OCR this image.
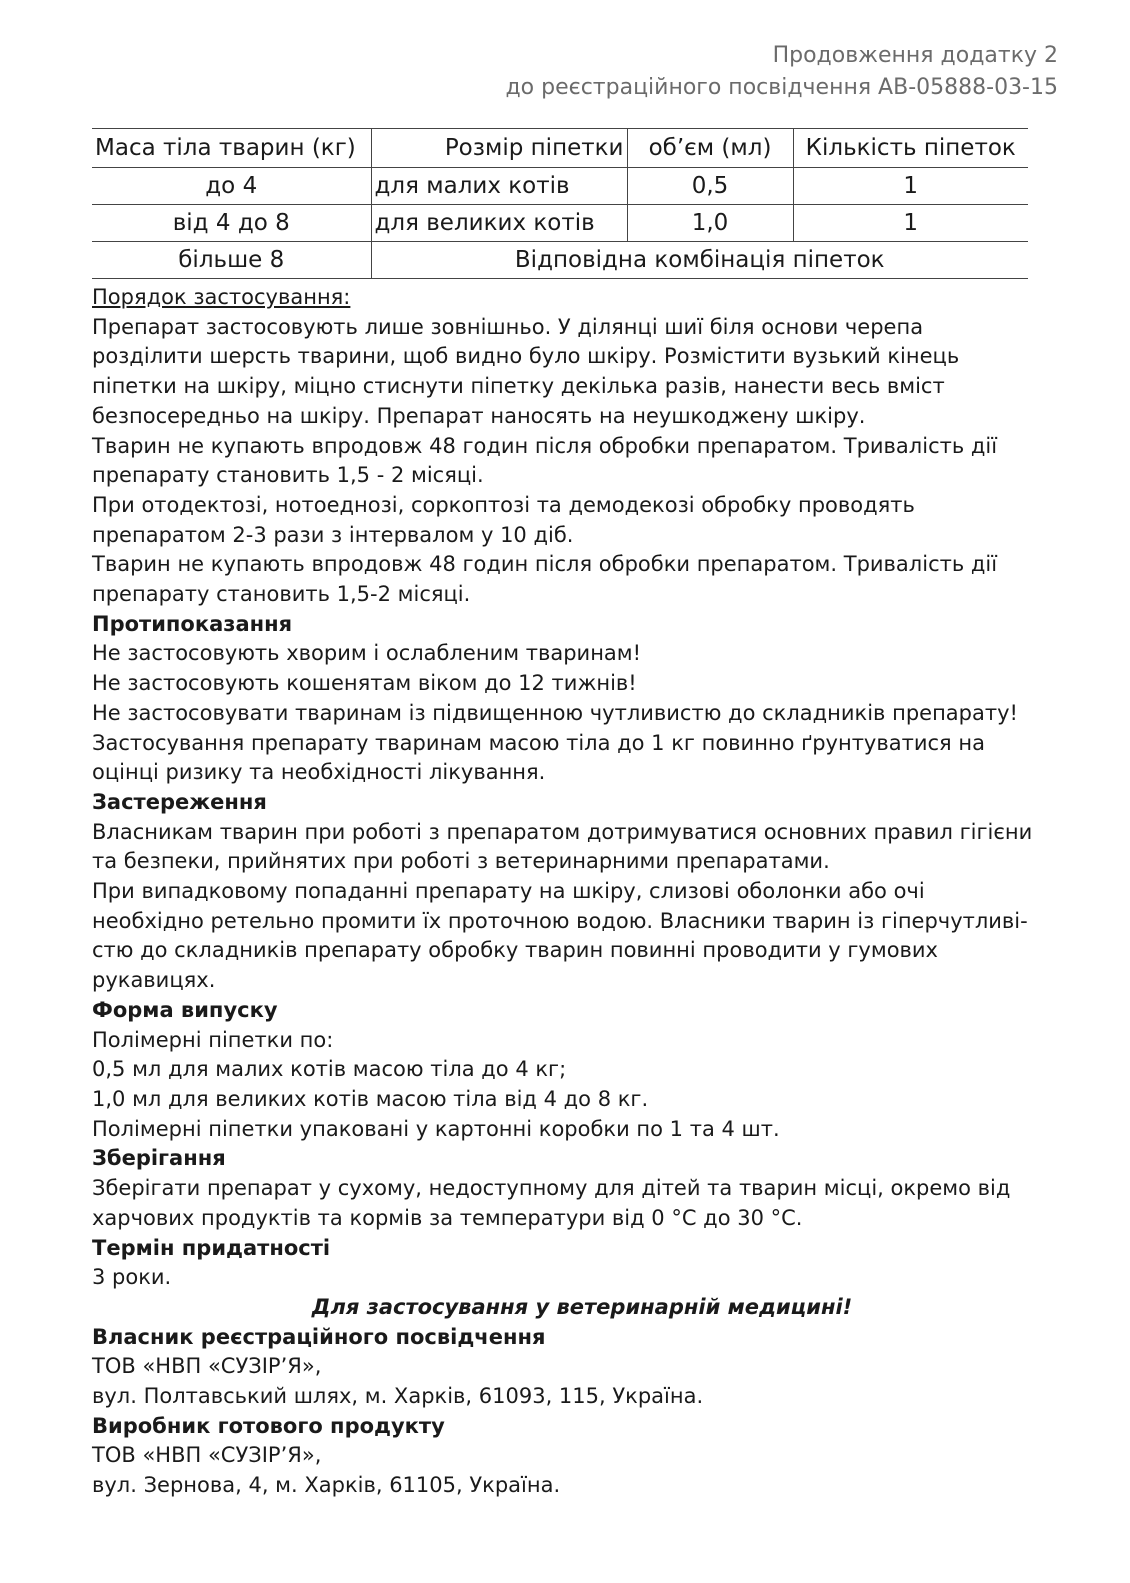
Продовження додатку 2
до реєстраційного посвідчення АВ-05888-03-15
Маса тіла тварин (кг)	Розмір піпетки	об’єм (мл)	Кількість піпеток
до 4	для малих котів	0,5	1
від 4 до 8	для великих котів	1,0	1
більше 8	Відповідна комбінація піпеток		

Порядок застосування:

Препарат застосовують лише зовнішньо. У ділянці шиї біля основи черепа

розділити шерсть тварини, щоб видно було шкіру. Розмістити вузький кінець

піпетки на шкіру, міцно стиснути піпетку декілька разів, нанести весь вміст

безпосередньо на шкіру. Препарат наносять на неушкоджену шкіру.

Тварин не купають впродовж 48 годин після обробки препаратом. Тривалість дії

препарату становить 1,5 - 2 місяці.

При отодектозі, нотоеднозі, соркоптозі та демодекозі обробку проводять

препаратом 2-3 рази з інтервалом у 10 діб.

Тварин не купають впродовж 48 годин після обробки препаратом. Тривалість дії

препарату становить 1,5-2 місяці.

Протипоказання

Не застосовують хворим і ослабленим тваринам!

Не застосовують кошенятам віком до 12 тижнів!

Не застосовувати тваринам із підвищенною чутливистю до складників препарату!

Застосування препарату тваринам масою тіла до 1 кг повинно ґрунтуватися на

оцінці ризику та необхідності лікування.

Застереження

Власникам тварин при роботі з препаратом дотримуватися основних правил гігієни

та безпеки, прийнятих при роботі з ветеринарними препаратами.

При випадковому попаданні препарату на шкіру, слизові оболонки або очі

необхідно ретельно промити їх проточною водою. Власники тварин із гіперчутливі-

стю до складників препарату обробку тварин повинні проводити у гумових

рукавицях.

Форма випуску

Полімерні піпетки по:

0,5 мл для малих котів масою тіла до 4 кг;

1,0 мл для великих котів масою тіла від 4 до 8 кг.

Полімерні піпетки упаковані у картонні коробки по 1 та 4 шт.

Зберігання

Зберігати препарат у сухому, недоступному для дітей та тварин місці, окремо від

харчових продуктів та кормів за температури від 0 °С до 30 °С.

Термін придатності

3 роки.

Для застосування у ветеринарній медицині!

Власник реєстраційного посвідчення

ТОВ «НВП «СУЗІР’Я»,

вул. Полтавський шлях, м. Харків, 61093, 115, Україна.

Виробник готового продукту

ТОВ «НВП «СУЗІР’Я»,

вул. Зернова, 4, м. Харків, 61105, Україна.
